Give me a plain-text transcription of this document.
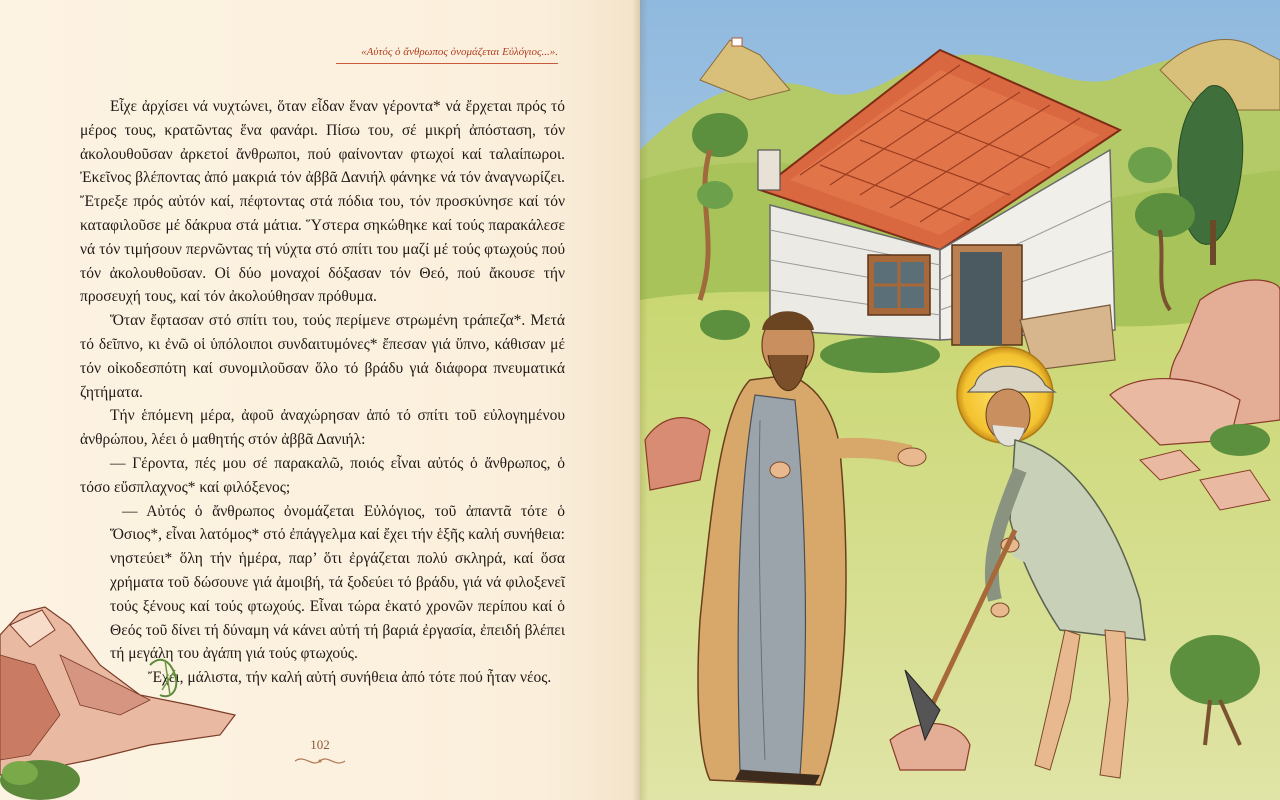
«Αὐτός ὁ ἄνθρωπος ὀνομάζεται Εὐλόγιος...».

Εἶχε ἀρχίσει νά νυχτώνει, ὅταν εἶδαν ἕναν γέροντα* νά ἔρχεται πρός τό μέρος τους, κρατῶντας ἕνα φανάρι. Πίσω του, σέ μικρή ἀπόσταση, τόν ἀκολουθοῦσαν ἀρκετοί ἄνθρωποι, πού φαίνονταν φτωχοί καί ταλαίπωροι. Ἐκεῖνος βλέποντας ἀπό μακριά τόν ἀββᾶ Δανιήλ φάνηκε νά τόν ἀναγνωρίζει. Ἔτρεξε πρός αὐτόν καί, πέφτοντας στά πόδια του, τόν προσκύνησε καί τόν καταφιλοῦσε μέ δάκρυα στά μάτια. Ὕστερα σηκώθηκε καί τούς παρακάλεσε νά τόν τιμήσουν περνῶντας τή νύχτα στό σπίτι του μαζί μέ τούς φτωχούς πού τόν ἀκολουθοῦσαν. Οἱ δύο μοναχοί δόξασαν τόν Θεό, πού ἄκουσε τήν προσευχή τους, καί τόν ἀκολούθησαν πρόθυμα.

Ὅταν ἔφτασαν στό σπίτι του, τούς περίμενε στρωμένη τράπεζα*. Μετά τό δεῖπνο, κι ἐνῶ οἱ ὑπόλοιποι συνδαιτυμόνες* ἔπεσαν γιά ὕπνο, κάθισαν μέ τόν οἰκοδεσπότη καί συνομιλοῦσαν ὅλο τό βράδυ γιά διάφορα πνευματικά ζητήματα.

Τήν ἑπόμενη μέρα, ἀφοῦ ἀναχώρησαν ἀπό τό σπίτι τοῦ εὐλογημένου ἀνθρώπου, λέει ὁ μαθητής στόν ἀββᾶ Δανιήλ:

— Γέροντα, πές μου σέ παρακαλῶ, ποιός εἶναι αὐτός ὁ ἄνθρωπος, ὁ τόσο εὔσπλαχνος* καί φιλόξενος;

— Αὐτός ὁ ἄνθρωπος ὀνομάζεται Εὐλόγιος, τοῦ ἀπαντᾶ τότε ὁ Ὅσιος*, εἶναι λατόμος* στό ἐπάγγελμα καί ἔχει τήν ἑξῆς καλή συνήθεια: νηστεύει* ὅλη τήν ἡμέρα, παρ’ ὅτι ἐργάζεται πολύ σκληρά, καί ὅσα χρήματα τοῦ δώσουνε γιά ἀμοιβή, τά ξοδεύει τό βράδυ, γιά νά φιλοξενεῖ τούς ξένους καί τούς φτωχούς. Εἶναι τώρα ἑκατό χρονῶν περίπου καί ὁ Θεός τοῦ δίνει τή δύναμη νά κάνει αὐτή τή βαριά ἐργασία, ἐπειδή βλέπει τή μεγάλη του ἀγάπη γιά τούς φτωχούς.

Ἔχει, μάλιστα, τήν καλή αὐτή συνήθεια ἀπό τότε πού ἦταν νέος.

102
